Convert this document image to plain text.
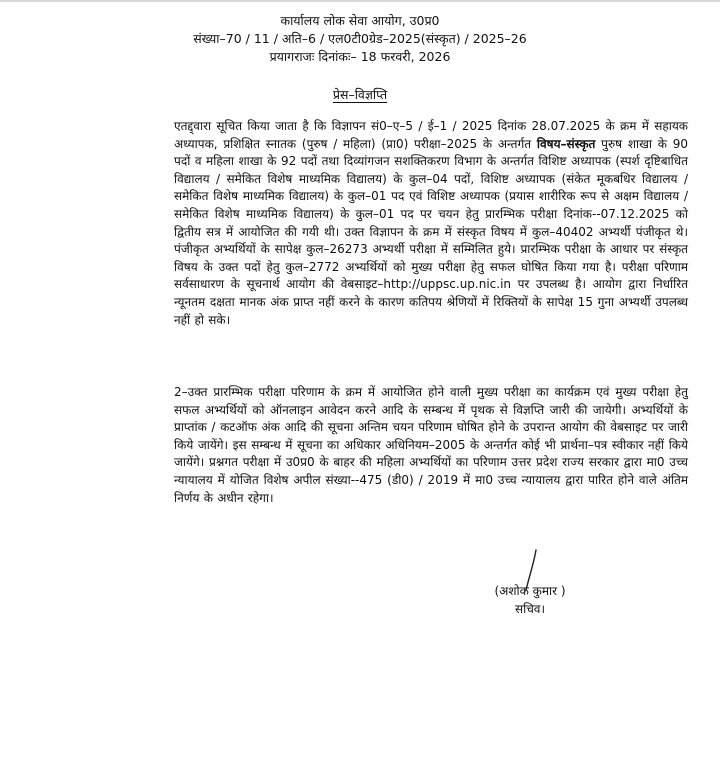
कार्यालय लोक सेवा आयोग, उ0प्र0
संख्या–70 / 11 / अति–6 / एल0टी0ग्रेड–2025(संस्कृत) / 2025–26
प्रयागराजः दिनांकः– 18 फरवरी, 2026
प्रेस–विज्ञप्ति
एतद्द्वारा सूचित किया जाता है कि विज्ञापन सं0–ए–5 / ई–1 / 2025 दिनांक 28.07.2025 के क्रम में सहायक अध्यापक, प्रशिक्षित स्नातक (पुरुष / महिला) (प्रा0) परीक्षा–2025 के अन्तर्गत विषय–संस्कृत पुरुष शाखा के 90 पदों व महिला शाखा के 92 पदों तथा दिव्यांगजन सशक्तिकरण विभाग के अन्तर्गत विशिष्ट अध्यापक (स्पर्श दृष्टिबाधित विद्यालय / समेकित विशेष माध्यमिक विद्यालय) के कुल–04 पदों, विशिष्ट अध्यापक (संकेत मूकबधिर विद्यालय / समेकित विशेष माध्यमिक विद्यालय) के कुल–01 पद एवं विशिष्ट अध्यापक (प्रयास शारीरिक रूप से अक्षम विद्यालय / समेकित विशेष माध्यमिक विद्यालय) के कुल–01 पद पर चयन हेतु प्रारम्भिक परीक्षा दिनांक--07.12.2025 को द्वितीय सत्र में आयोजित की गयी थी। उक्त विज्ञापन के क्रम में संस्कृत विषय में कुल–40402 अभ्यर्थी पंजीकृत थे। पंजीकृत अभ्यर्थियों के सापेक्ष कुल–26273 अभ्यर्थी परीक्षा में सम्मिलित हुये। प्रारम्भिक परीक्षा के आधार पर संस्कृत विषय के उक्त पदों हेतु कुल–2772 अभ्यर्थियों को मुख्य परीक्षा हेतु सफल घोषित किया गया है। परीक्षा परिणाम सर्वसाधारण के सूचनार्थ आयोग की वेबसाइट–http://uppsc.up.nic.in पर उपलब्ध है। आयोग द्वारा निर्धारित न्यूनतम दक्षता मानक अंक प्राप्त नहीं करने के कारण कतिपय श्रेणियों में रिक्तियों के सापेक्ष 15 गुना अभ्यर्थी उपलब्ध नहीं हो सके।
2–उक्त प्रारम्भिक परीक्षा परिणाम के क्रम में आयोजित होने वाली मुख्य परीक्षा का कार्यक्रम एवं मुख्य परीक्षा हेतु सफल अभ्यर्थियों को ऑनलाइन आवेदन करने आदि के सम्बन्ध में पृथक से विज्ञप्ति जारी की जायेगी। अभ्यर्थियों के प्राप्तांक / कटऑफ अंक आदि की सूचना अन्तिम चयन परिणाम घोषित होने के उपरान्त आयोग की वेबसाइट पर जारी किये जायेंगे। इस सम्बन्ध में सूचना का अधिकार अधिनियम–2005 के अन्तर्गत कोई भी प्रार्थना–पत्र स्वीकार नहीं किये जायेंगे। प्रश्नगत परीक्षा में उ0प्र0 के बाहर की महिला अभ्यर्थियों का परिणाम उत्तर प्रदेश राज्य सरकार द्वारा मा0 उच्च न्यायालय में योजित विशेष अपील संख्या--475 (डी0) / 2019 में मा0 उच्च न्यायालय द्वारा पारित होने वाले अंतिम निर्णय के अधीन रहेगा।
(अशोक कुमार )
सचिव।
